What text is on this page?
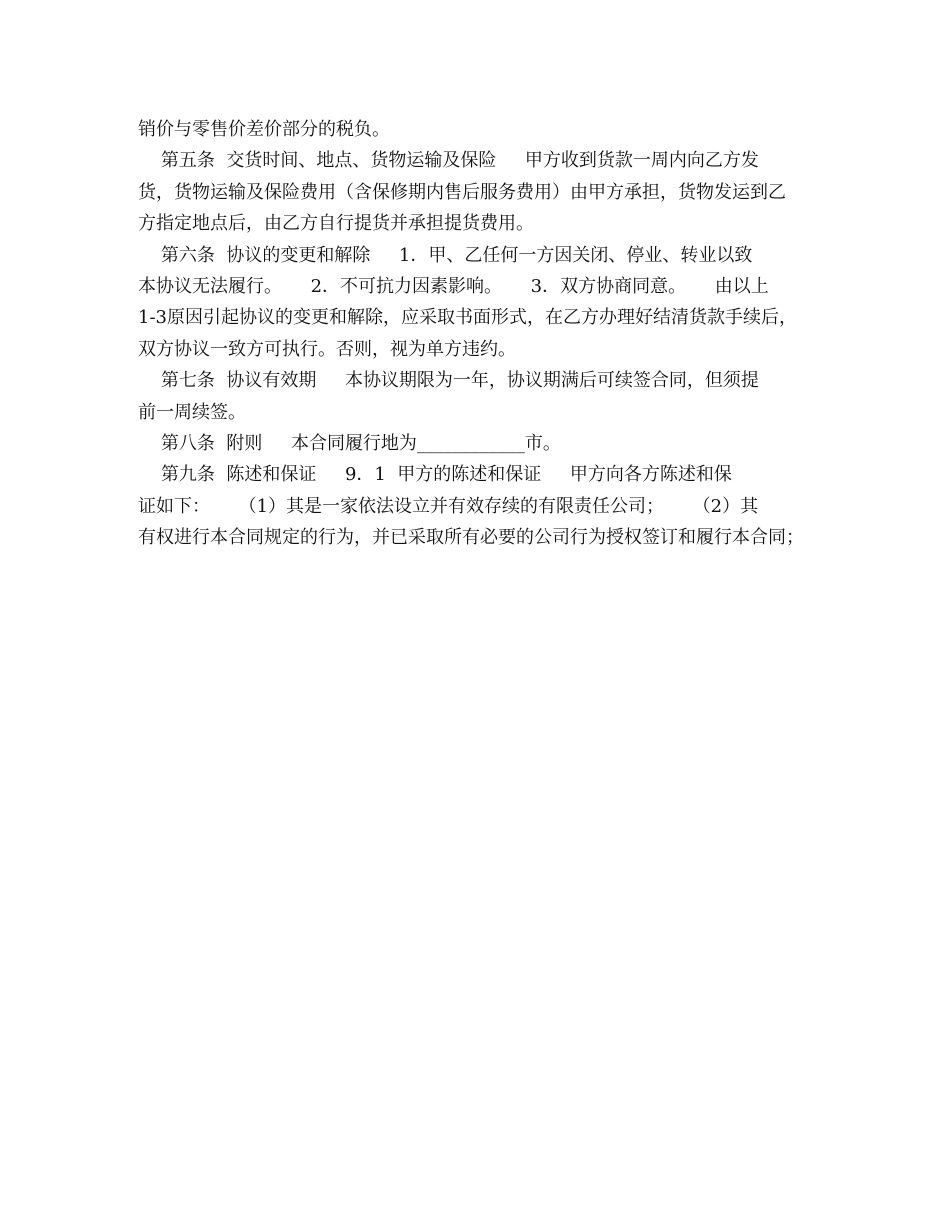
销价与零售价差价部分的税负。
第五条  交货时间、地点、货物运输及保险     甲方收到货款一周内向乙方发
货，货物运输及保险费用（含保修期内售后服务费用）由甲方承担，货物发运到乙
方指定地点后，由乙方自行提货并承担提货费用。
第六条  协议的变更和解除     1．甲、乙任何一方因关闭、停业、转业以致
本协议无法履行。     2．不可抗力因素影响。     3．双方协商同意。     由以上
1-3原因引起协议的变更和解除，应采取书面形式，在乙方办理好结清货款手续后，
双方协议一致方可执行。否则，视为单方违约。
第七条  协议有效期     本协议期限为一年，协议期满后可续签合同，但须提
前一周续签。
第八条  附则     本合同履行地为____________市。
第九条  陈述和保证     9．1  甲方的陈述和保证     甲方向各方陈述和保
证如下：     （1）其是一家依法设立并有效存续的有限责任公司；     （2）其
有权进行本合同规定的行为，并已采取所有必要的公司行为授权签订和履行本合同；
